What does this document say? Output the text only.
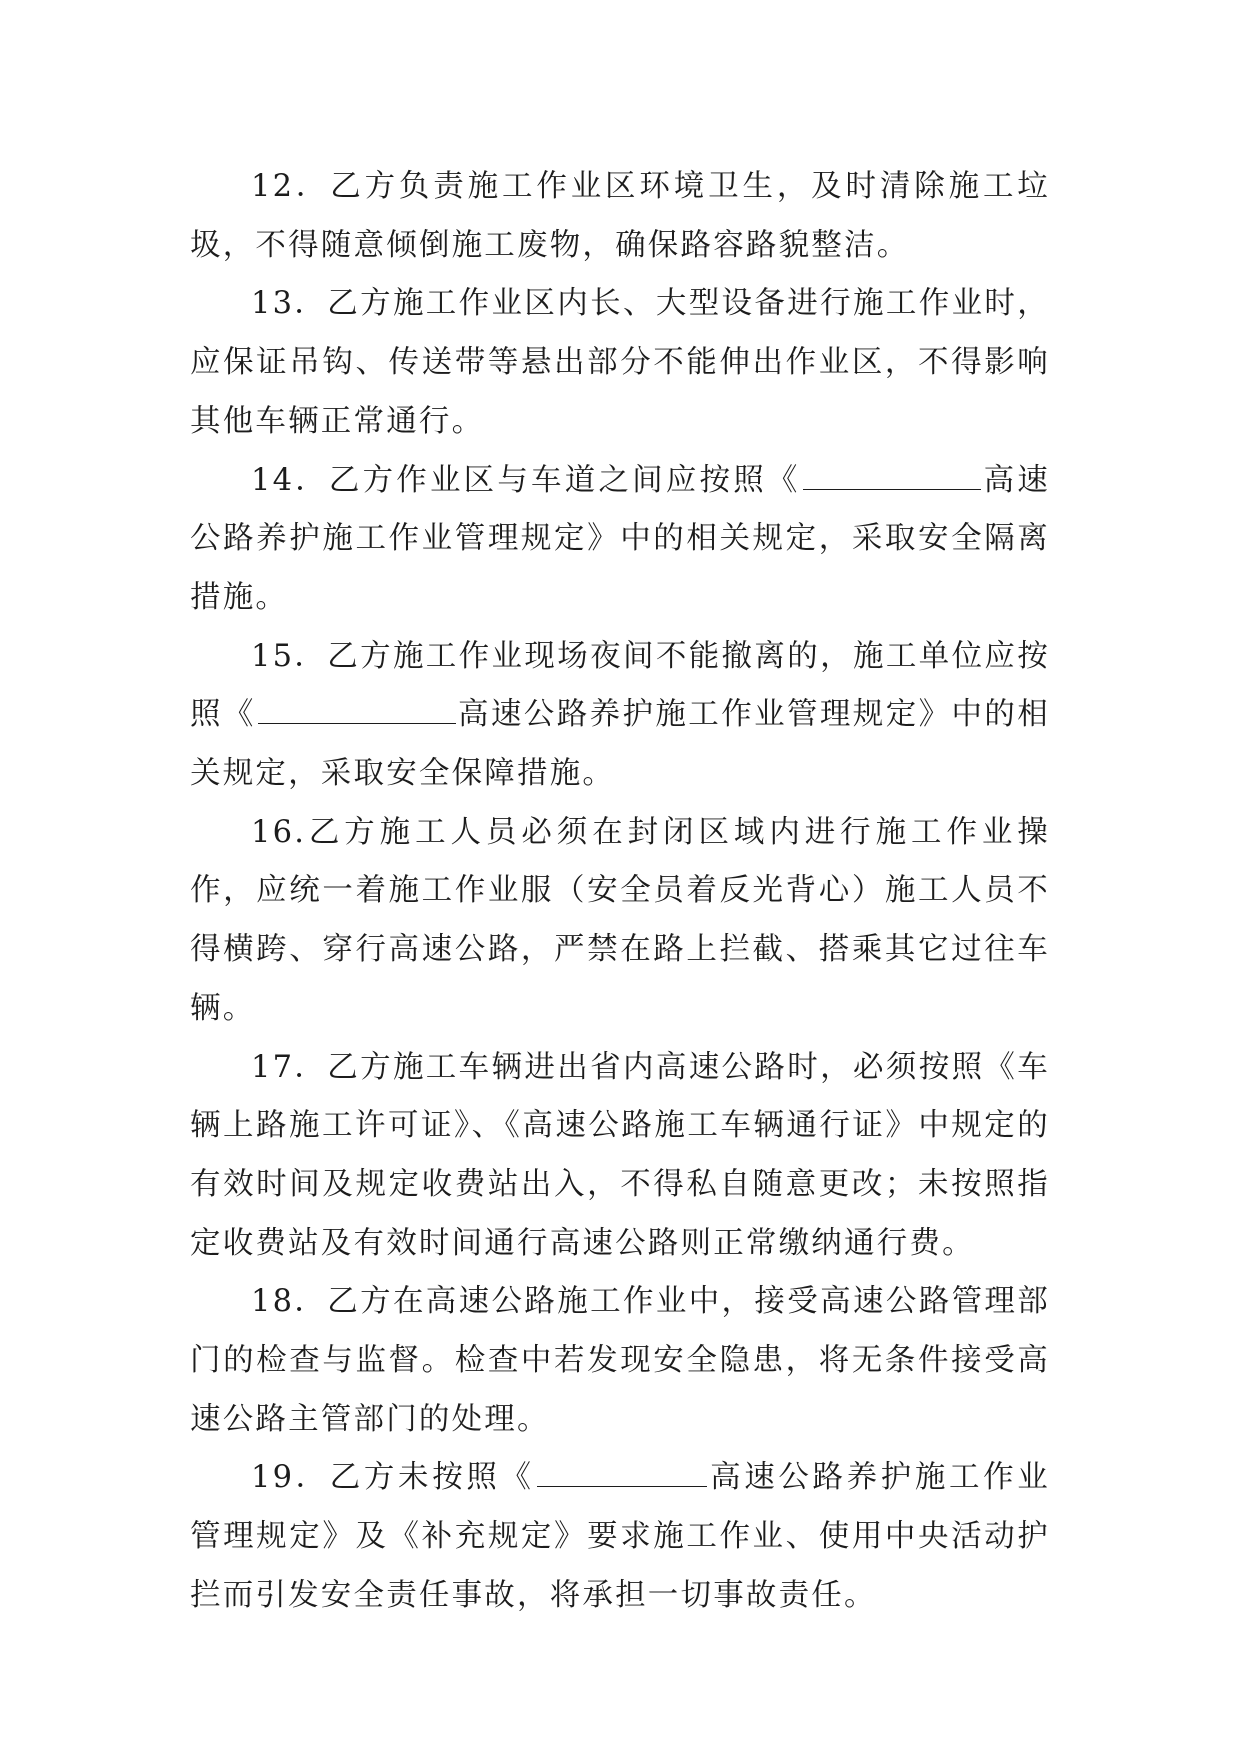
12．乙方负责施工作业区环境卫生，及时清除施工垃圾，不得随意倾倒施工废物，确保路容路貌整洁。

13．乙方施工作业区内长、大型设备进行施工作业时，应保证吊钩、传送带等悬出部分不能伸出作业区，不得影响其他车辆正常通行。

14．乙方作业区与车道之间应按照《	高速公路养护施工作业管理规定》中的相关规定，采取安全隔离措施。

15．乙方施工作业现场夜间不能撤离的，施工单位应按照《	高速公路养护施工作业管理规定》中的相关规定，采取安全保障措施。

16.乙方施工人员必须在封闭区域内进行施工作业操作，应统一着施工作业服（安全员着反光背心）施工人员不得横跨、穿行高速公路，严禁在路上拦截、搭乘其它过往车辆。

17．乙方施工车辆进出省内高速公路时，必须按照《车辆上路施工许可证》、《高速公路施工车辆通行证》中规定的有效时间及规定收费站出入，不得私自随意更改；未按照指定收费站及有效时间通行高速公路则正常缴纳通行费。

18．乙方在高速公路施工作业中，接受高速公路管理部门的检查与监督。检查中若发现安全隐患，将无条件接受高速公路主管部门的处理。

19．乙方未按照《	高速公路养护施工作业管理规定》及《补充规定》要求施工作业、使用中央活动护拦而引发安全责任事故，将承担一切事故责任。
